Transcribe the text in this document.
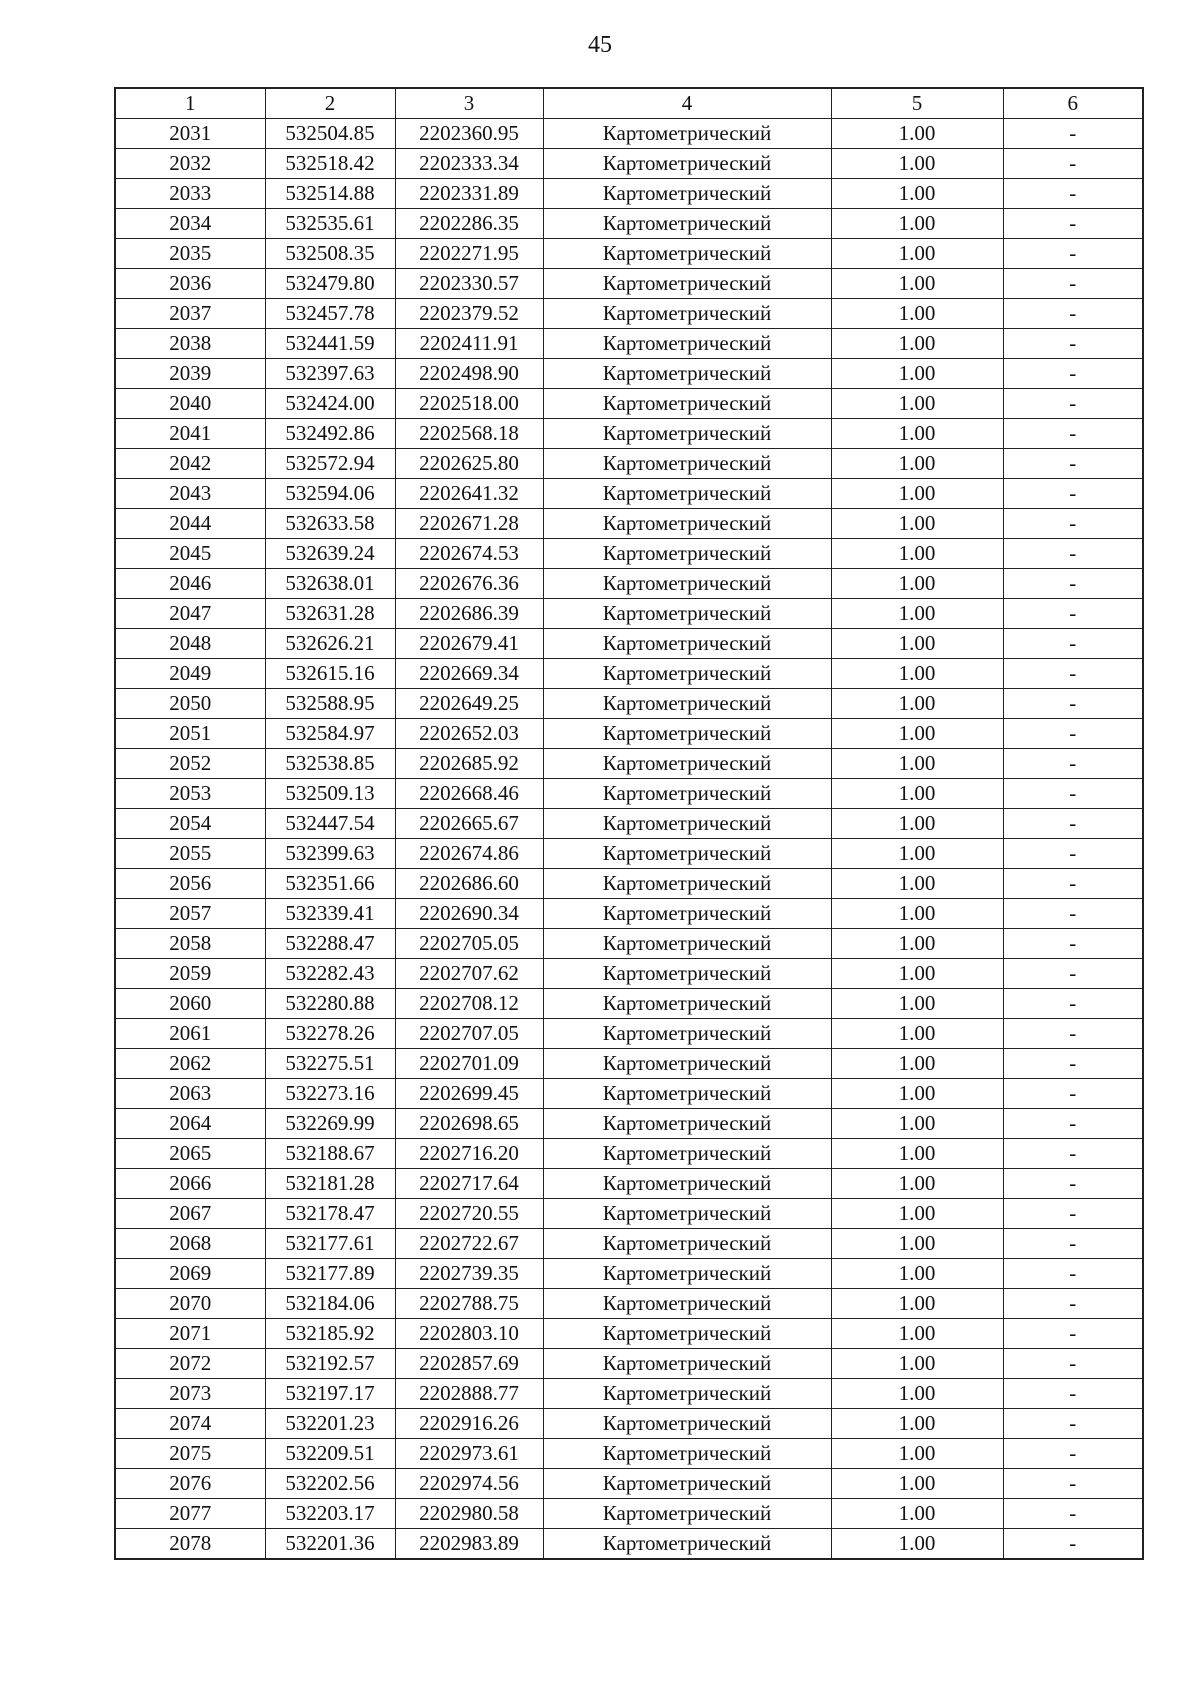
45
1	2	3	4	5	6
2031	532504.85	2202360.95	Картометрический	1.00	-
2032	532518.42	2202333.34	Картометрический	1.00	-
2033	532514.88	2202331.89	Картометрический	1.00	-
2034	532535.61	2202286.35	Картометрический	1.00	-
2035	532508.35	2202271.95	Картометрический	1.00	-
2036	532479.80	2202330.57	Картометрический	1.00	-
2037	532457.78	2202379.52	Картометрический	1.00	-
2038	532441.59	2202411.91	Картометрический	1.00	-
2039	532397.63	2202498.90	Картометрический	1.00	-
2040	532424.00	2202518.00	Картометрический	1.00	-
2041	532492.86	2202568.18	Картометрический	1.00	-
2042	532572.94	2202625.80	Картометрический	1.00	-
2043	532594.06	2202641.32	Картометрический	1.00	-
2044	532633.58	2202671.28	Картометрический	1.00	-
2045	532639.24	2202674.53	Картометрический	1.00	-
2046	532638.01	2202676.36	Картометрический	1.00	-
2047	532631.28	2202686.39	Картометрический	1.00	-
2048	532626.21	2202679.41	Картометрический	1.00	-
2049	532615.16	2202669.34	Картометрический	1.00	-
2050	532588.95	2202649.25	Картометрический	1.00	-
2051	532584.97	2202652.03	Картометрический	1.00	-
2052	532538.85	2202685.92	Картометрический	1.00	-
2053	532509.13	2202668.46	Картометрический	1.00	-
2054	532447.54	2202665.67	Картометрический	1.00	-
2055	532399.63	2202674.86	Картометрический	1.00	-
2056	532351.66	2202686.60	Картометрический	1.00	-
2057	532339.41	2202690.34	Картометрический	1.00	-
2058	532288.47	2202705.05	Картометрический	1.00	-
2059	532282.43	2202707.62	Картометрический	1.00	-
2060	532280.88	2202708.12	Картометрический	1.00	-
2061	532278.26	2202707.05	Картометрический	1.00	-
2062	532275.51	2202701.09	Картометрический	1.00	-
2063	532273.16	2202699.45	Картометрический	1.00	-
2064	532269.99	2202698.65	Картометрический	1.00	-
2065	532188.67	2202716.20	Картометрический	1.00	-
2066	532181.28	2202717.64	Картометрический	1.00	-
2067	532178.47	2202720.55	Картометрический	1.00	-
2068	532177.61	2202722.67	Картометрический	1.00	-
2069	532177.89	2202739.35	Картометрический	1.00	-
2070	532184.06	2202788.75	Картометрический	1.00	-
2071	532185.92	2202803.10	Картометрический	1.00	-
2072	532192.57	2202857.69	Картометрический	1.00	-
2073	532197.17	2202888.77	Картометрический	1.00	-
2074	532201.23	2202916.26	Картометрический	1.00	-
2075	532209.51	2202973.61	Картометрический	1.00	-
2076	532202.56	2202974.56	Картометрический	1.00	-
2077	532203.17	2202980.58	Картометрический	1.00	-
2078	532201.36	2202983.89	Картометрический	1.00	-
